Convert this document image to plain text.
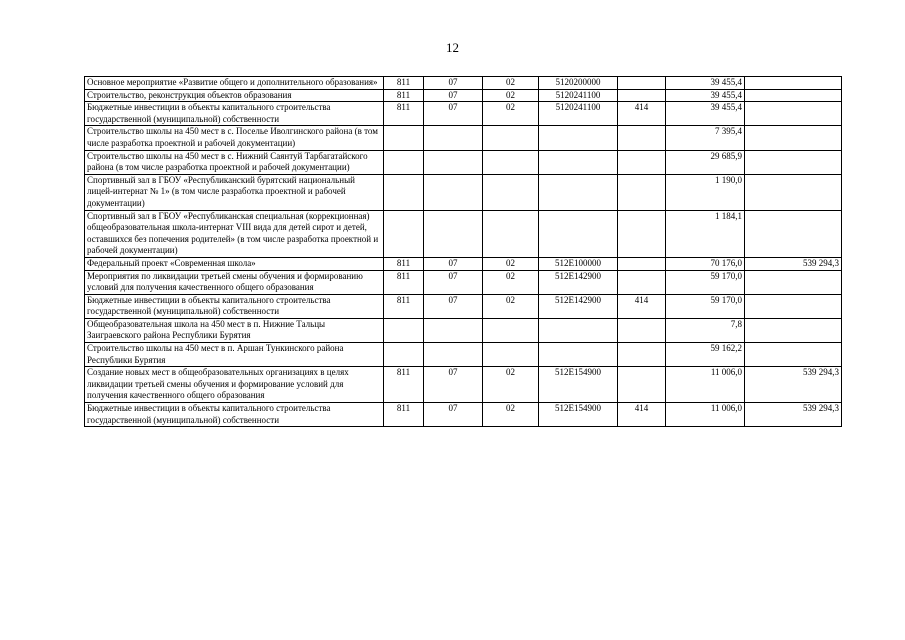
12
Основное мероприятие «Развитие общего и дополнительного образования»	811	07	02	5120200000		39 455,4	
Строительство, реконструкция объектов образования	811	07	02	5120241100		39 455,4	
Бюджетные инвестиции в объекты капитального строительства государственной (муниципальной) собственности	811	07	02	5120241100	414	39 455,4	
Строительство школы на 450 мест в с. Поселье Иволгинского района (в том числе разработка проектной и рабочей документации)						7 395,4	
Строительство школы на 450 мест в с. Нижний Саянтуй Тарбагатайского района (в том числе разработка проектной и рабочей документации)						29 685,9	
Спортивный зал в ГБОУ «Республиканский бурятский национальный лицей-интернат № 1» (в том числе разработка проектной и рабочей документации)						1 190,0	
Спортивный зал в ГБОУ «Республиканская специальная (коррекционная) общеобразовательная школа-интернат VIII вида для детей сирот и детей, оставшихся без попечения родителей» (в том числе разработка проектной и рабочей документации)						1 184,1	
Федеральный проект «Современная школа»	811	07	02	512E100000		70 176,0	539 294,3
Мероприятия по ликвидации третьей смены обучения и формированию условий для получения качественного общего образования	811	07	02	512E142900		59 170,0	
Бюджетные инвестиции в объекты капитального строительства государственной (муниципальной) собственности	811	07	02	512E142900	414	59 170,0	
Общеобразовательная школа на 450 мест в п. Нижние Тальцы Заиграевского района Республики Бурятия						7,8	
Строительство школы на 450 мест в п. Аршан Тункинского района Республики Бурятия						59 162,2	
Создание новых мест в общеобразовательных организациях в целях ликвидации третьей смены обучения и формирование условий для получения качественного общего образования	811	07	02	512E154900		11 006,0	539 294,3
Бюджетные инвестиции в объекты капитального строительства государственной (муниципальной) собственности	811	07	02	512E154900	414	11 006,0	539 294,3
